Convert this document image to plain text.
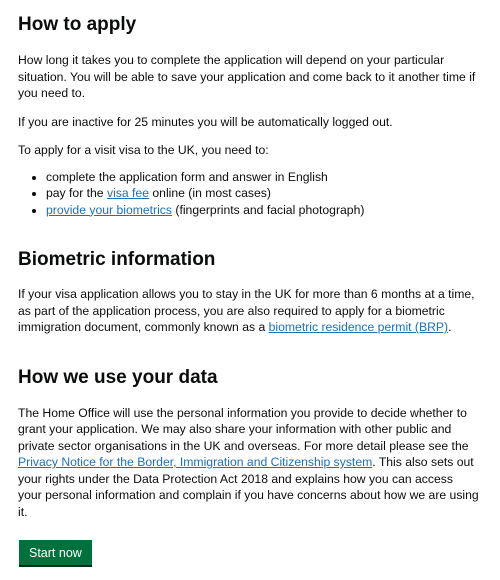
How to apply

How long it takes you to complete the application will depend on your particular situation. You will be able to save your application and come back to it another time if you need to.

If you are inactive for 25 minutes you will be automatically logged out.

To apply for a visit visa to the UK, you need to:

• complete the application form and answer in English
• pay for the visa fee online (in most cases)
• provide your biometrics (fingerprints and facial photograph)
Biometric information

If your visa application allows you to stay in the UK for more than 6 months at a time, as part of the application process, you are also required to apply for a biometric immigration document, commonly known as a biometric residence permit (BRP).

How we use your data

The Home Office will use the personal information you provide to decide whether to grant your application. We may also share your information with other public and private sector organisations in the UK and overseas. For more detail please see the Privacy Notice for the Border, Immigration and Citizenship system. This also sets out your rights under the Data Protection Act 2018 and explains how you can access your personal information and complain if you have concerns about how we are using it.

Start now
